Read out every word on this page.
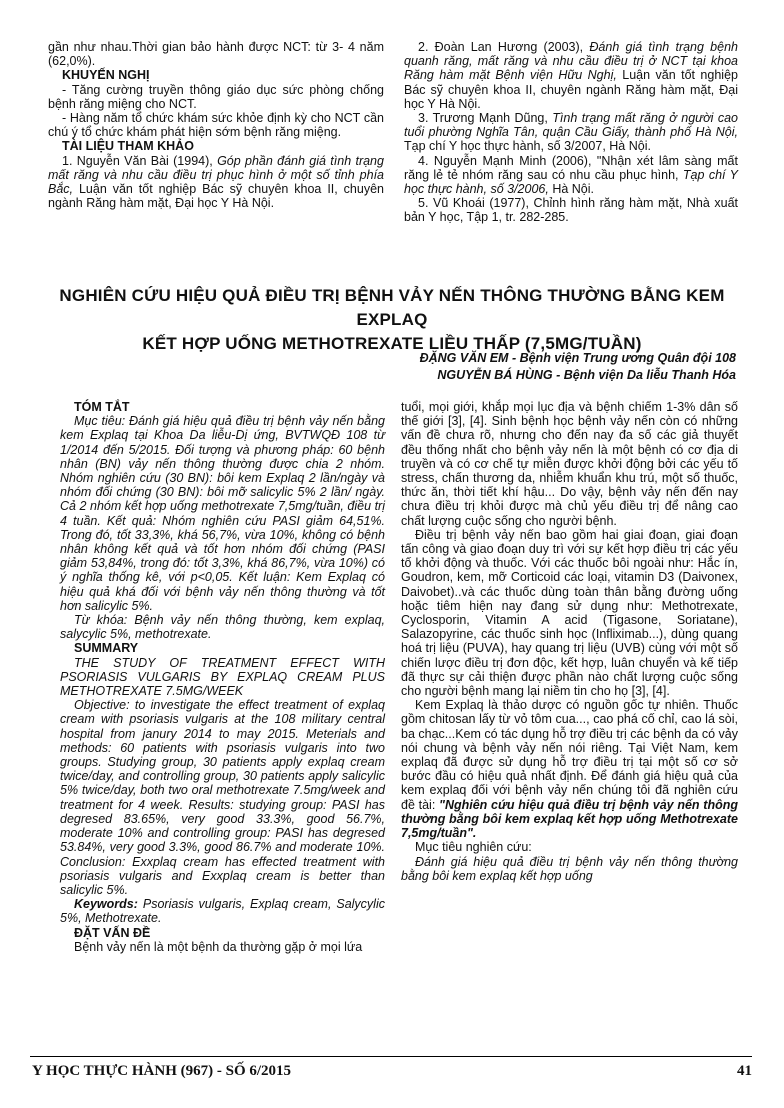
gần như nhau.Thời gian bảo hành được NCT: từ 3- 4 năm (62,0%).

KHUYẾN NGHỊ

- Tăng cường truyền thông giáo dục sức phòng chống bệnh răng miệng cho NCT.

- Hàng năm tổ chức khám sức khỏe định kỳ cho NCT cần chú ý tổ chức khám phát hiện sớm bệnh răng miệng.

TÀI LIỆU THAM KHẢO

1. Nguyễn Văn Bài (1994), Góp phần đánh giá tình trạng mất răng và nhu cầu điều trị phục hình ở một số tỉnh phía Bắc, Luận văn tốt nghiệp Bác sỹ chuyên khoa II, chuyên ngành Răng hàm mặt, Đại học Y Hà Nội.

2. Đoàn Lan Hương (2003), Đánh giá tình trạng bệnh quanh răng, mất răng và nhu cầu điều trị ở NCT tại khoa Răng hàm mặt Bệnh viện Hữu Nghị, Luận văn tốt nghiệp Bác sỹ chuyên khoa II, chuyên ngành Răng hàm mặt, Đại học Y Hà Nội.

3. Trương Mạnh Dũng, Tình trạng mất răng ở người cao tuổi phường Nghĩa Tân, quận Cầu Giấy, thành phố Hà Nội, Tạp chí Y học thực hành, số 3/2007, Hà Nội.

4. Nguyễn Mạnh Minh (2006), "Nhận xét lâm sàng mất răng lẻ tẻ nhóm răng sau có nhu cầu phục hình, Tạp chí Y học thực hành, số 3/2006, Hà Nội.

5. Vũ Khoái (1977), Chỉnh hình răng hàm mặt, Nhà xuất bản Y học, Tập 1, tr. 282-285.

NGHIÊN CỨU HIỆU QUẢ ĐIỀU TRỊ BỆNH VẢY NẾN THÔNG THƯỜNG BẰNG KEM EXPLAQ
KẾT HỢP UỐNG METHOTREXATE LIỀU THẤP (7,5MG/TUẦN)
ĐẶNG VĂN EM - Bệnh viện Trung ương Quân đội 108
NGUYỄN BÁ HÙNG - Bệnh viện Da liễu Thanh Hóa

TÓM TẮT

Mục tiêu: Đánh giá hiệu quả điều trị bệnh vảy nến bằng kem Explaq tại Khoa Da liễu-Dị ứng, BVTWQĐ 108 từ 1/2014 đến 5/2015. Đối tượng và phương pháp: 60 bệnh nhân (BN) vảy nến thông thường được chia 2 nhóm. Nhóm nghiên cứu (30 BN): bôi kem Explaq 2 lần/ngày và nhóm đối chứng (30 BN): bôi mỡ salicylic 5% 2 lần/ ngày. Cả 2 nhóm kết hợp uống methotrexate 7,5mg/tuần, điều trị 4 tuần. Kết quả: Nhóm nghiên cứu PASI giảm 64,51%. Trong đó, tốt 33,3%, khá 56,7%, vừa 10%, không có bệnh nhân không kết quả và tốt hơn nhóm đối chứng (PASI giảm 53,84%, trong đó: tốt 3,3%, khá 86,7%, vừa 10%) có ý nghĩa thống kê, với p<0,05. Kết luận: Kem Explaq có hiệu quả khá đối với bệnh vảy nến thông thường và tốt hơn salicylic 5%.

Từ khóa: Bệnh vảy nến thông thường, kem explaq, salycylic 5%, methotrexate.

SUMMARY

THE STUDY OF TREATMENT EFFECT WITH PSORIASIS VULGARIS BY EXPLAQ CREAM PLUS METHOTREXATE 7.5MG/WEEK

Objective: to investigate the effect treatment of explaq cream with psoriasis vulgaris at the 108 military central hospital from janury 2014 to may 2015. Meterials and methods: 60 patients with psoriasis vulgaris into two groups. Studying group, 30 patients apply explaq cream twice/day, and controlling group, 30 patients apply salicylic 5% twice/day, both two oral methotrexate 7.5mg/week and treatment for 4 week. Results: studying group: PASI has degresed 83.65%, very good 33.3%, good 56.7%, moderate 10% and controlling group: PASI has degresed 53.84%, very good 3.3%, good 86.7% and moderate 10%. Conclusion: Exxplaq cream has effected treatment with psoriasis vulgaris and Exxplaq cream is better than salicylic 5%.

Keywords: Psoriasis vulgaris, Explaq cream, Salycylic 5%, Methotrexate.

ĐẶT VẤN ĐỀ

Bệnh vảy nến là một bệnh da thường gặp ở mọi lứa

tuổi, mọi giới, khắp mọi lục địa và bệnh chiếm 1-3% dân số thế giới [3], [4]. Sinh bệnh học bệnh vảy nến còn có những vấn đề chưa rõ, nhưng cho đến nay đa số các giả thuyết đều thống nhất cho bệnh vảy nến là một bệnh có cơ địa di truyền và có cơ chế tự miễn được khởi động bởi các yếu tố stress, chấn thương da, nhiễm khuẩn khu trú, một số thuốc, thức ăn, thời tiết khí hậu... Do vậy, bệnh vảy nến đến nay chưa điều trị khỏi được mà chủ yếu điều trị để nâng cao chất lượng cuộc sống cho người bệnh.

Điều trị bệnh vảy nến bao gồm hai giai đoạn, giai đoạn tấn công và giao đoạn duy trì với sự kết hợp điều trị các yếu tố khởi động và thuốc. Với các thuốc bôi ngoài như: Hắc ín, Goudron, kem, mỡ Corticoid các loại, vitamin D3 (Daivonex, Daivobet)..và các thuốc dùng toàn thân bằng đường uống hoặc tiêm hiện nay đang sử dụng như: Methotrexate, Cyclosporin, Vitamin A acid (Tigasone, Soriatane), Salazopyrine, các thuốc sinh học (Infliximab...), dùng quang hoá trị liệu (PUVA), hay quang trị liệu (UVB) cùng với một số chiến lược điều trị đơn độc, kết hợp, luân chuyển và kế tiếp đã thực sự cải thiện được phần nào chất lượng cuộc sống cho người bệnh mang lại niềm tin cho họ [3], [4].

Kem Explaq là thảo dược có nguồn gốc tự nhiên. Thuốc gồm chitosan lấy từ vỏ tôm cua..., cao phá cố chỉ, cao lá sòi, ba chạc...Kem có tác dụng hỗ trợ điều trị các bệnh da có vảy nói chung và bệnh vảy nến nói riêng. Tại Việt Nam, kem explaq đã được sử dụng hỗ trợ điều trị tại một số cơ sở bước đầu có hiệu quả nhất định. Để đánh giá hiệu quả của kem explaq đối với bệnh vảy nến chúng tôi đã nghiên cứu đề tài: "Nghiên cứu hiệu quả điều trị bệnh vảy nến thông thường bằng bôi kem explaq kết hợp uống Methotrexate 7,5mg/tuần".

Mục tiêu nghiên cứu:

Đánh giá hiệu quả điều trị bệnh vảy nến thông thường bằng bôi kem explaq kết hợp uống

Y HỌC THỰC HÀNH (967) - SỐ 6/2015	41
